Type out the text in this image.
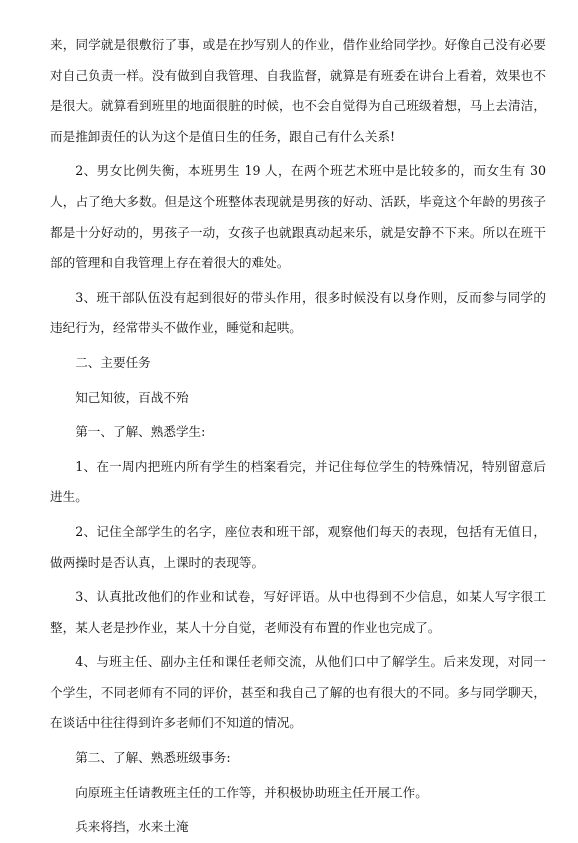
来，同学就是很敷衍了事，或是在抄写别人的作业，借作业给同学抄。好像自己没有必要对自己负责一样。没有做到自我管理、自我监督，就算是有班委在讲台上看着，效果也不是很大。就算看到班里的地面很脏的时候，也不会自觉得为自己班级着想，马上去清洁，而是推卸责任的认为这个是值日生的任务，跟自己有什么关系!

2、男女比例失衡，本班男生 19 人，在两个班艺术班中是比较多的，而女生有 30 人，占了绝大多数。但是这个班整体表现就是男孩的好动、活跃，毕竟这个年龄的男孩子都是十分好动的，男孩子一动，女孩子也就跟真动起来乐，就是安静不下来。所以在班干部的管理和自我管理上存在着很大的难处。

3、班干部队伍没有起到很好的带头作用，很多时候没有以身作则，反而参与同学的违纪行为，经常带头不做作业，睡觉和起哄。

二、主要任务

知己知彼，百战不殆

第一、了解、熟悉学生:

1、在一周内把班内所有学生的档案看完，并记住每位学生的特殊情况，特别留意后进生。

2、记住全部学生的名字，座位表和班干部，观察他们每天的表现，包括有无值日，做两操时是否认真，上课时的表现等。

3、认真批改他们的作业和试卷，写好评语。从中也得到不少信息，如某人写字很工整，某人老是抄作业，某人十分自觉，老师没有布置的作业也完成了。

4、与班主任、副办主任和课任老师交流，从他们口中了解学生。后来发现，对同一个学生，不同老师有不同的评价，甚至和我自己了解的也有很大的不同。多与同学聊天，在谈话中往往得到许多老师们不知道的情况。

第二、了解、熟悉班级事务:

向原班主任请教班主任的工作等，并积极协助班主任开展工作。

兵来将挡，水来土淹
